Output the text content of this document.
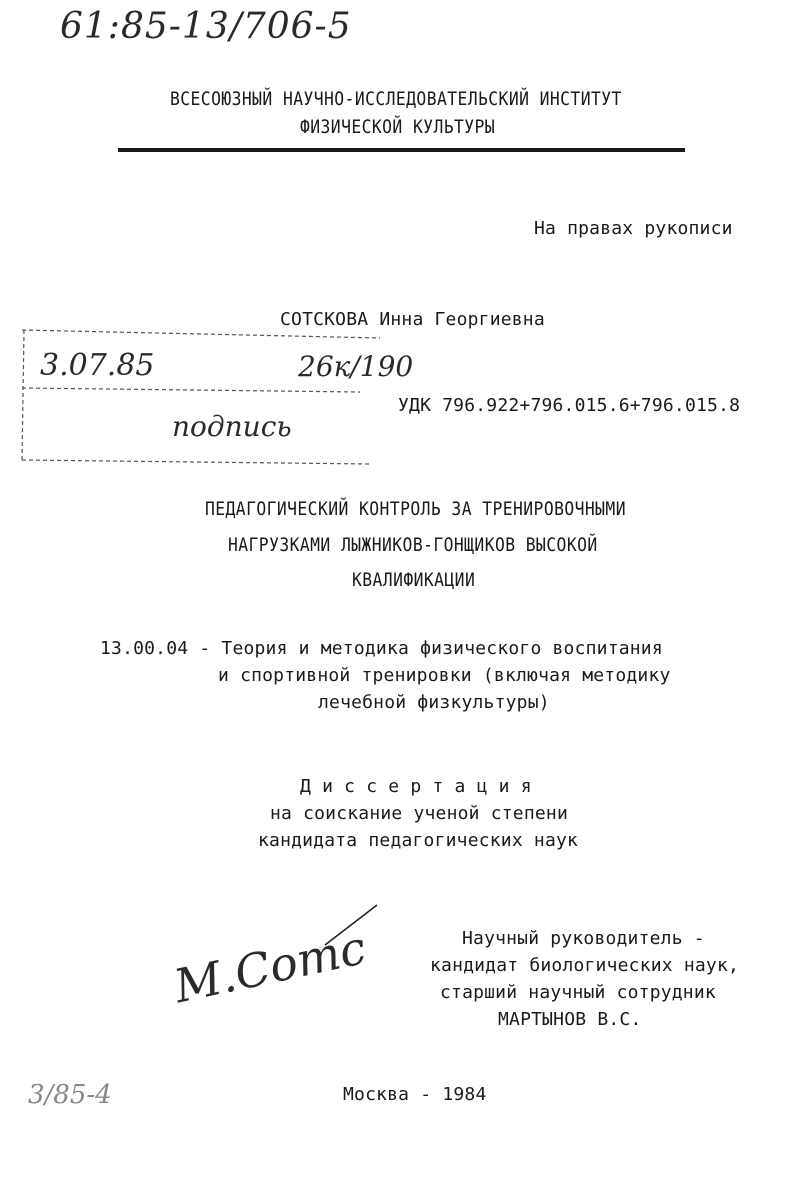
61:85-13/706-5
ВСЕСОЮЗНЫЙ НАУЧНО-ИССЛЕДОВАТЕЛЬСКИЙ ИНСТИТУТ
ФИЗИЧЕСКОЙ КУЛЬТУРЫ
На правах рукописи
СОТСКОВА Инна Георгиевна
3.07.85	26к/190
подпись
УДК 796.922+796.015.6+796.015.8
ПЕДАГОГИЧЕСКИЙ КОНТРОЛЬ ЗА ТРЕНИРОВОЧНЫМИ
НАГРУЗКАМИ ЛЫЖНИКОВ-ГОНЩИКОВ ВЫСОКОЙ
КВАЛИФИКАЦИИ
13.00.04 - Теория и методика физического воспитания
и спортивной тренировки (включая методику
лечебной физкультуры)
Д и с с е р т а ц и я
на соискание ученой степени
кандидата педагогических наук
М.Сотс	Научный руководитель -
кандидат биологических наук,
старший научный сотрудник
МАРТЫНОВ В.С.
3/85-4	Москва - 1984
